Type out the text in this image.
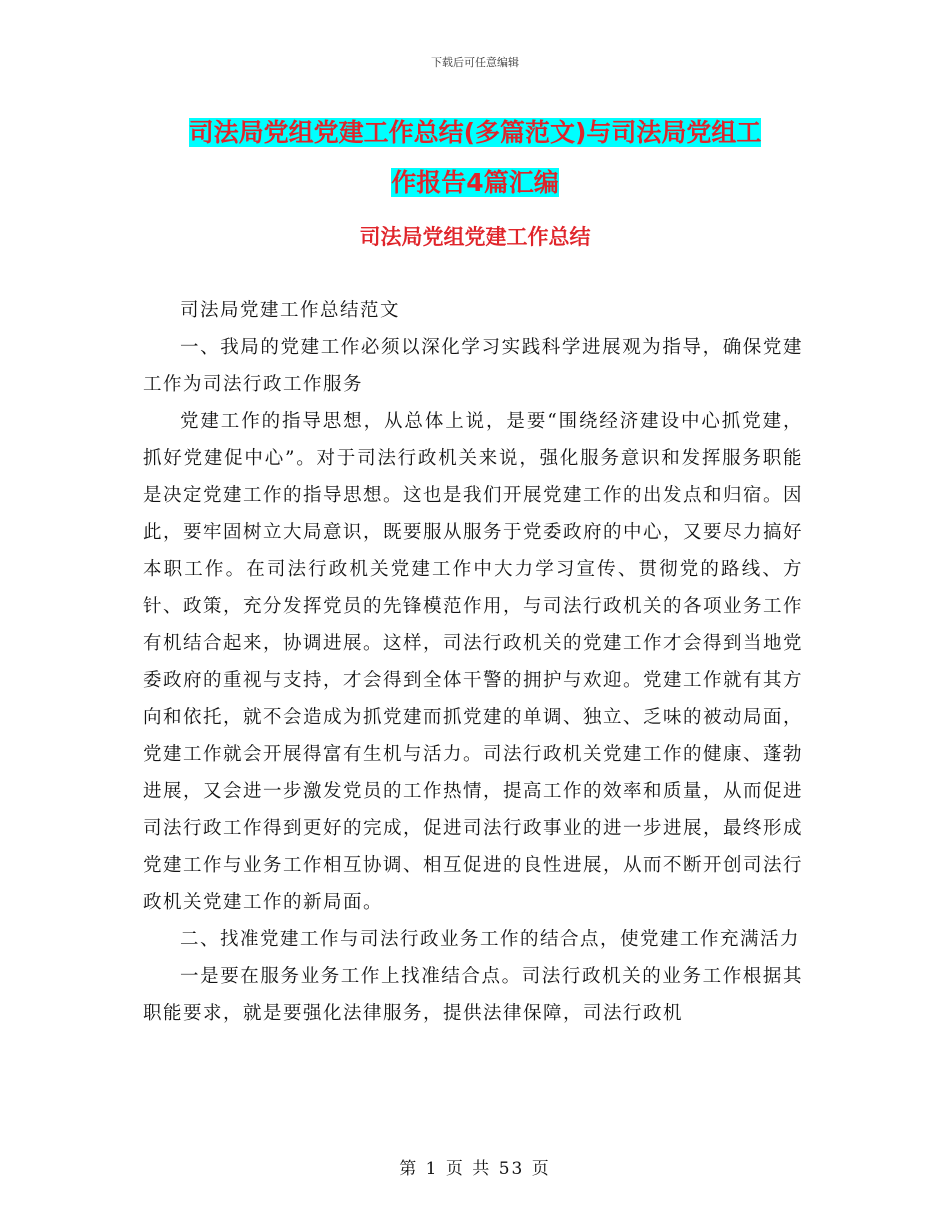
下载后可任意编辑
司法局党组党建工作总结(多篇范文)与司法局党组工
作报告4篇汇编
司法局党组党建工作总结

司法局党建工作总结范文

一、我局的党建工作必须以深化学习实践科学进展观为指导，确保党建工作为司法行政工作服务

党建工作的指导思想，从总体上说，是要“围绕经济建设中心抓党建，抓好党建促中心”。对于司法行政机关来说，强化服务意识和发挥服务职能是决定党建工作的指导思想。这也是我们开展党建工作的出发点和归宿。因此，要牢固树立大局意识，既要服从服务于党委政府的中心，又要尽力搞好本职工作。在司法行政机关党建工作中大力学习宣传、贯彻党的路线、方针、政策，充分发挥党员的先锋模范作用，与司法行政机关的各项业务工作有机结合起来，协调进展。这样，司法行政机关的党建工作才会得到当地党委政府的重视与支持，才会得到全体干警的拥护与欢迎。党建工作就有其方向和依托，就不会造成为抓党建而抓党建的单调、独立、乏味的被动局面，党建工作就会开展得富有生机与活力。司法行政机关党建工作的健康、蓬勃进展，又会进一步激发党员的工作热情，提高工作的效率和质量，从而促进司法行政工作得到更好的完成，促进司法行政事业的进一步进展，最终形成党建工作与业务工作相互协调、相互促进的良性进展，从而不断开创司法行政机关党建工作的新局面。

二、找准党建工作与司法行政业务工作的结合点，使党建工作充满活力

一是要在服务业务工作上找准结合点。司法行政机关的业务工作根据其职能要求，就是要强化法律服务，提供法律保障，司法行政机

第 1 页 共 53 页
